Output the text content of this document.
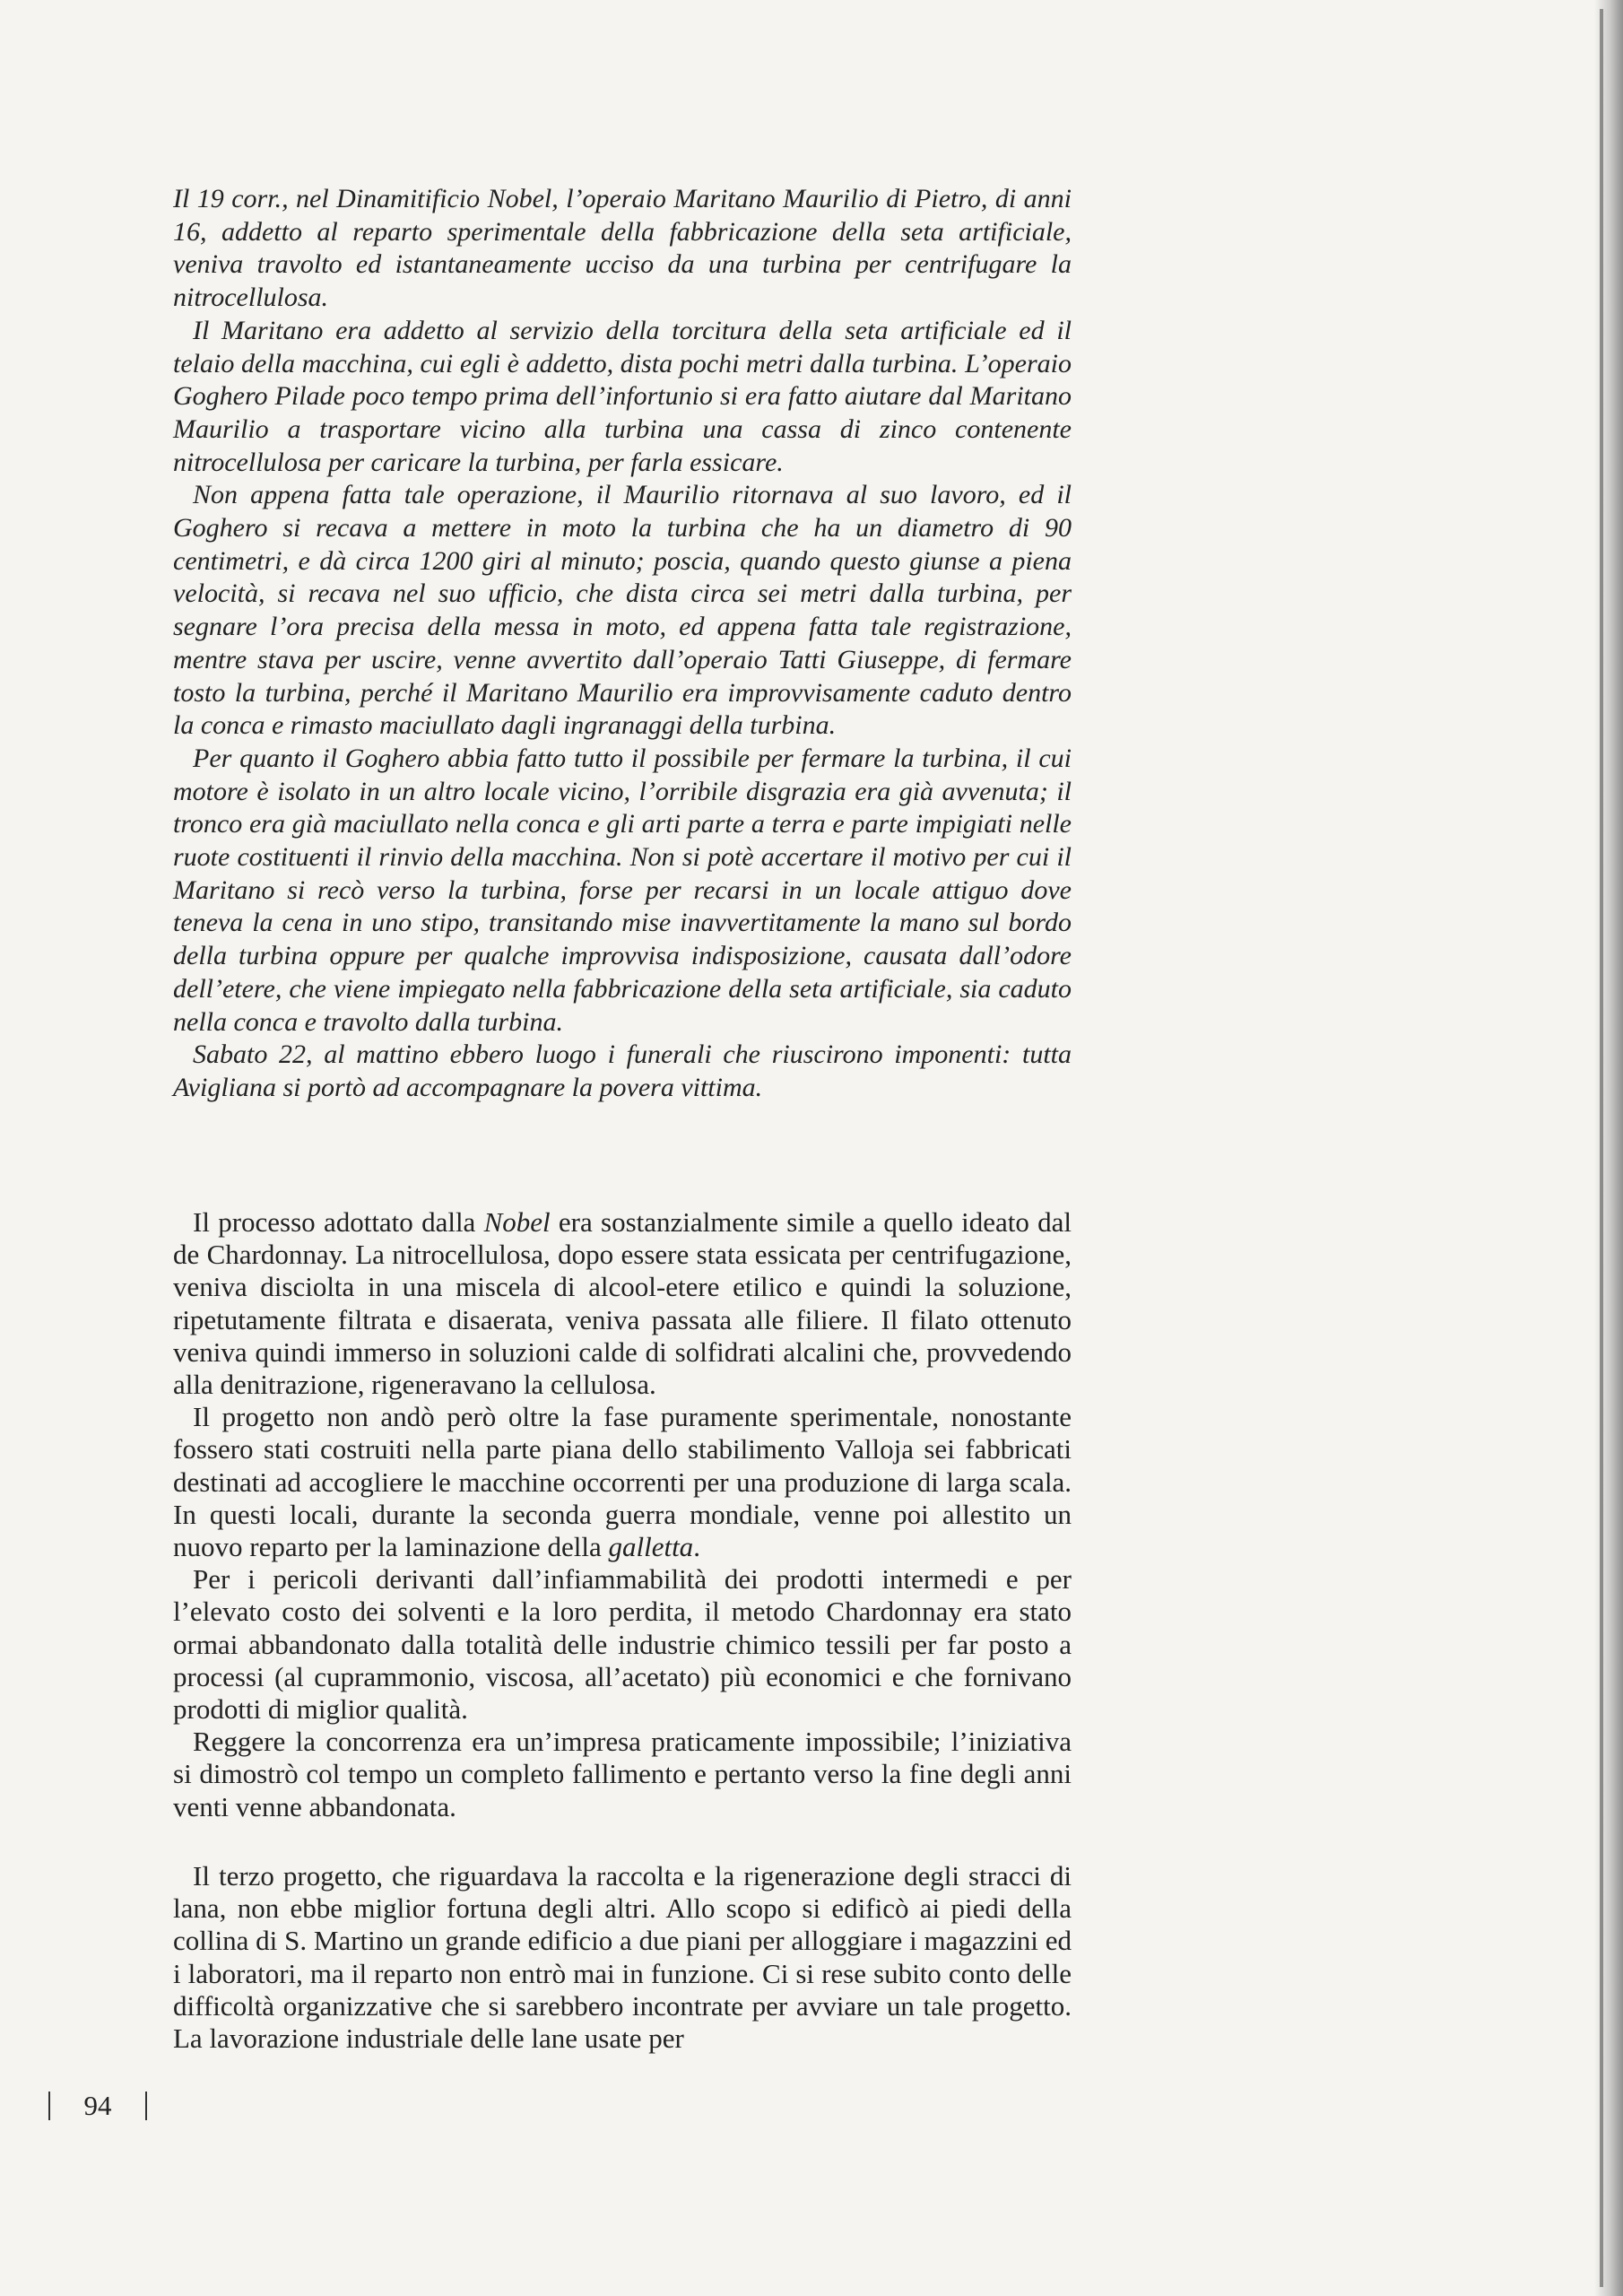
Il 19 corr., nel Dinamitificio Nobel, l’operaio Maritano Maurilio di Pietro, di anni 16, addetto al reparto sperimentale della fabbricazione della seta artificiale, veniva travolto ed istantaneamente ucciso da una turbina per centrifugare la nitrocellulosa.

Il Maritano era addetto al servizio della torcitura della seta artificiale ed il telaio della macchina, cui egli è addetto, dista pochi metri dalla turbina. L’operaio Goghero Pilade poco tempo prima dell’infortunio si era fatto aiutare dal Maritano Maurilio a trasportare vicino alla turbina una cassa di zinco contenente nitrocellulosa per caricare la turbina, per farla essicare.

Non appena fatta tale operazione, il Maurilio ritornava al suo lavoro, ed il Goghero si recava a mettere in moto la turbina che ha un diametro di 90 centimetri, e dà circa 1200 giri al minuto; poscia, quando questo giunse a piena velocità, si recava nel suo ufficio, che dista circa sei metri dalla turbina, per segnare l’ora precisa della messa in moto, ed appena fatta tale registrazione, mentre stava per uscire, venne avvertito dall’operaio Tatti Giuseppe, di fermare tosto la turbina, perché il Maritano Maurilio era improvvisamente caduto dentro la conca e rimasto maciullato dagli ingranaggi della turbina.

Per quanto il Goghero abbia fatto tutto il possibile per fermare la turbina, il cui motore è isolato in un altro locale vicino, l’orribile disgrazia era già avvenuta; il tronco era già maciullato nella conca e gli arti parte a terra e parte impigiati nelle ruote costituenti il rinvio della macchina. Non si potè accertare il motivo per cui il Maritano si recò verso la turbina, forse per recarsi in un locale attiguo dove teneva la cena in uno stipo, transitando mise inavvertitamente la mano sul bordo della turbina oppure per qualche improvvisa indisposizione, causata dall’odore dell’etere, che viene impiegato nella fabbricazione della seta artificiale, sia caduto nella conca e travolto dalla turbina.

Sabato 22, al mattino ebbero luogo i funerali che riuscirono imponenti: tutta Avigliana si portò ad accompagnare la povera vittima.

Il processo adottato dalla Nobel era sostanzialmente simile a quello ideato dal de Chardonnay. La nitrocellulosa, dopo essere stata essicata per centrifugazione, veniva disciolta in una miscela di alcool-etere etilico e quindi la soluzione, ripetutamente filtrata e disaerata, veniva passata alle filiere. Il filato ottenuto veniva quindi immerso in soluzioni calde di solfidrati alcalini che, provvedendo alla denitrazione, rigeneravano la cellulosa.

Il progetto non andò però oltre la fase puramente sperimentale, nonostante fossero stati costruiti nella parte piana dello stabilimento Valloja sei fabbricati destinati ad accogliere le macchine occorrenti per una produzione di larga scala. In questi locali, durante la seconda guerra mondiale, venne poi allestito un nuovo reparto per la laminazione della galletta.

Per i pericoli derivanti dall’infiammabilità dei prodotti intermedi e per l’elevato costo dei solventi e la loro perdita, il metodo Chardonnay era stato ormai abbandonato dalla totalità delle industrie chimico tessili per far posto a processi (al cuprammonio, viscosa, all’acetato) più economici e che fornivano prodotti di miglior qualità.

Reggere la concorrenza era un’impresa praticamente impossibile; l’iniziativa si dimostrò col tempo un completo fallimento e pertanto verso la fine degli anni venti venne abbandonata.

Il terzo progetto, che riguardava la raccolta e la rigenerazione degli stracci di lana, non ebbe miglior fortuna degli altri. Allo scopo si edificò ai piedi della collina di S. Martino un grande edificio a due piani per alloggiare i magazzini ed i laboratori, ma il reparto non entrò mai in funzione. Ci si rese subito conto delle difficoltà organizzative che si sarebbero incontrate per avviare un tale progetto. La lavorazione industriale delle lane usate per

94
